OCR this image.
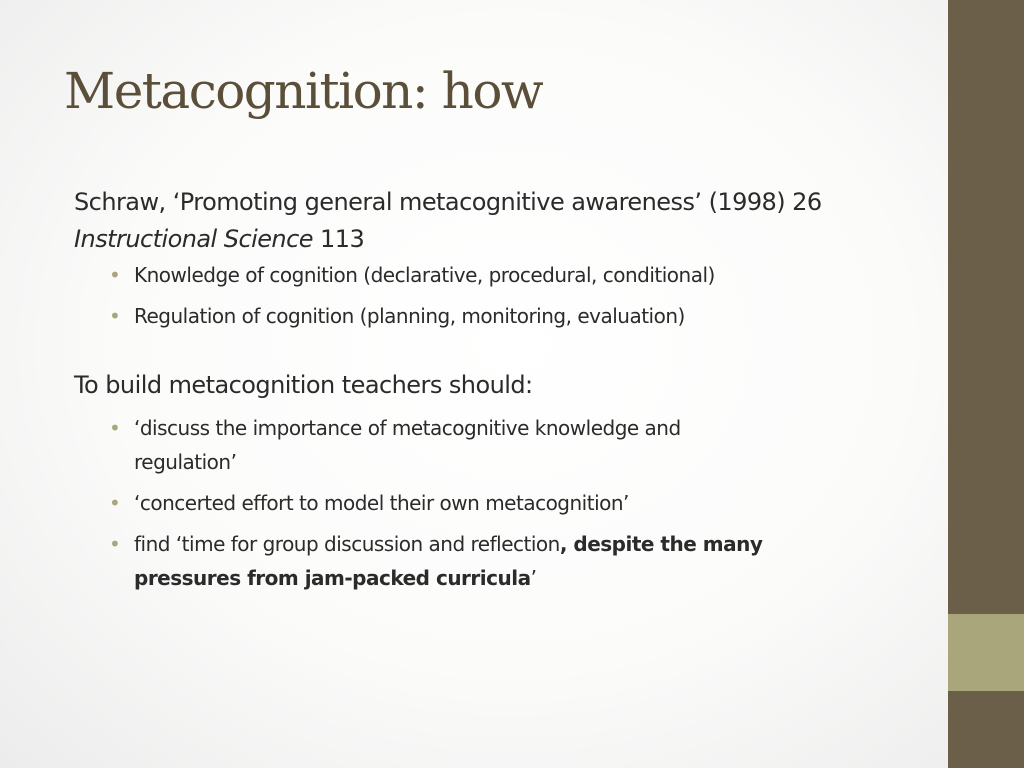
Metacognition: how
Schraw, ‘Promoting general metacognitive awareness’ (1998) 26
Instructional Science 113
• Knowledge of cognition (declarative, procedural, conditional)
• Regulation of cognition (planning, monitoring, evaluation)
To build metacognition teachers should:
• ‘discuss the importance of metacognitive knowledge and
regulation’
• ‘concerted effort to model their own metacognition’
• find ‘time for group discussion and reflection, despite the many
pressures from jam-packed curricula’
